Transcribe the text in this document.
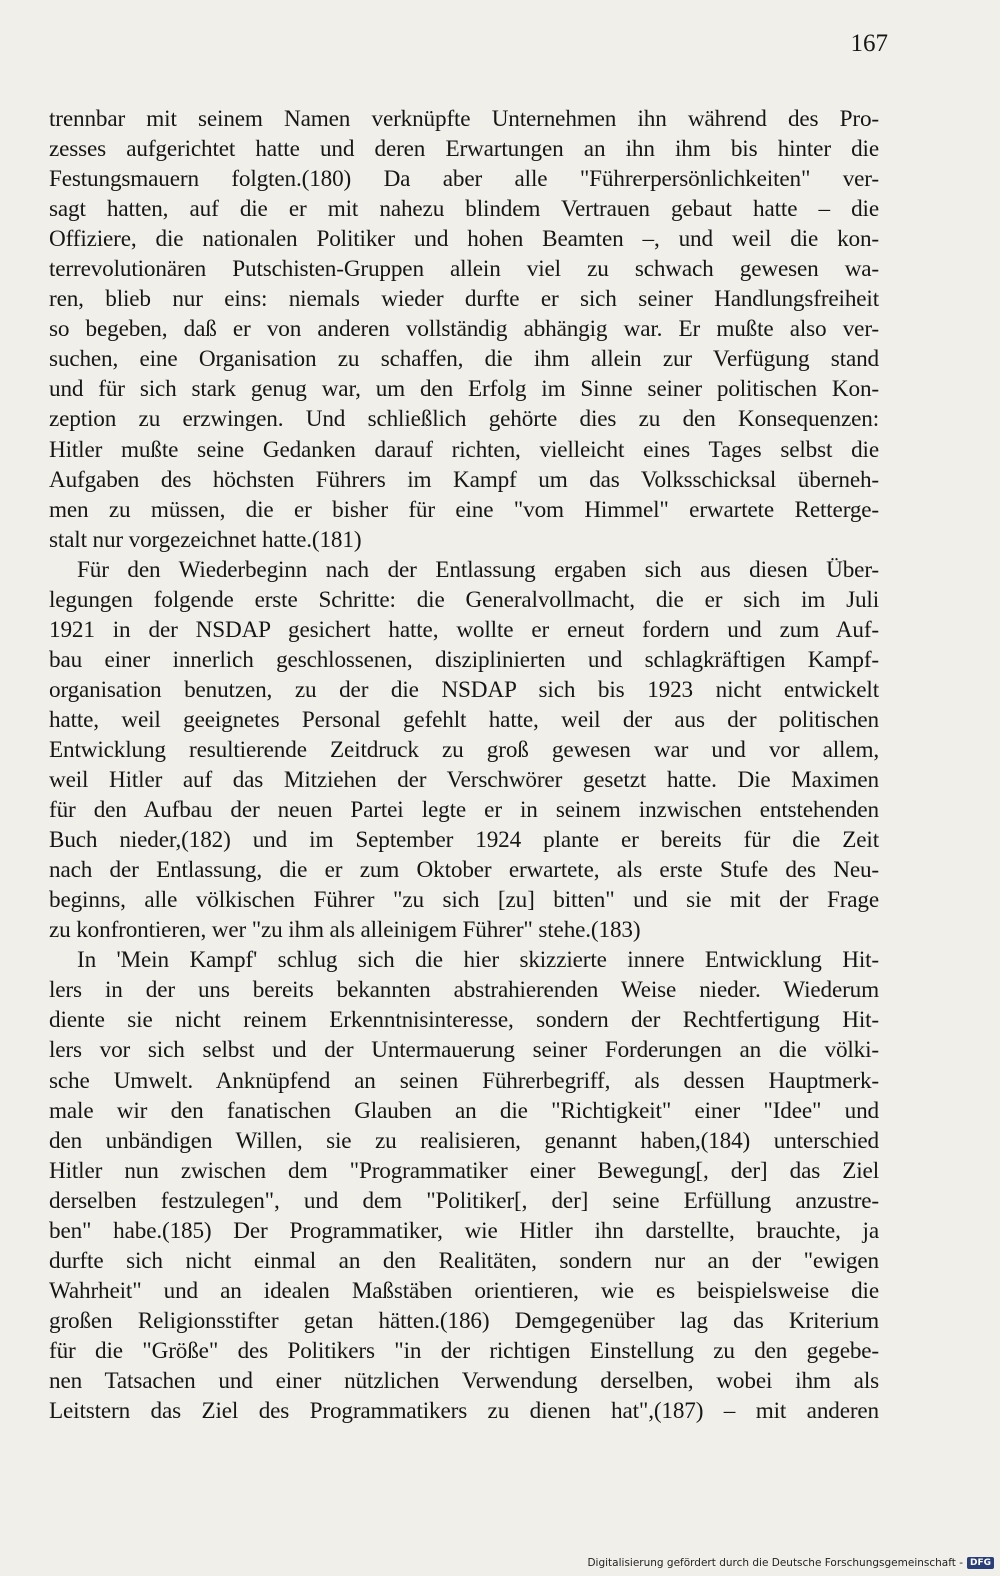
167
trennbar mit seinem Namen verknüpfte Unternehmen ihn während des Pro-
zesses aufgerichtet hatte und deren Erwartungen an ihn ihm bis hinter die
Festungsmauern folgten.(180) Da aber alle "Führerpersönlichkeiten" ver-
sagt hatten, auf die er mit nahezu blindem Vertrauen gebaut hatte – die
Offiziere, die nationalen Politiker und hohen Beamten –, und weil die kon-
terrevolutionären Putschisten-Gruppen allein viel zu schwach gewesen wa-
ren, blieb nur eins: niemals wieder durfte er sich seiner Handlungsfreiheit
so begeben, daß er von anderen vollständig abhängig war. Er mußte also ver-
suchen, eine Organisation zu schaffen, die ihm allein zur Verfügung stand
und für sich stark genug war, um den Erfolg im Sinne seiner politischen Kon-
zeption zu erzwingen. Und schließlich gehörte dies zu den Konsequenzen:
Hitler mußte seine Gedanken darauf richten, vielleicht eines Tages selbst die
Aufgaben des höchsten Führers im Kampf um das Volksschicksal überneh-
men zu müssen, die er bisher für eine "vom Himmel" erwartete Rettergе-
stalt nur vorgezeichnet hatte.(181)
Für den Wiederbeginn nach der Entlassung ergaben sich aus diesen Über-
legungen folgende erste Schritte: die Generalvollmacht, die er sich im Juli
1921 in der NSDAP gesichert hatte, wollte er erneut fordern und zum Auf-
bau einer innerlich geschlossenen, disziplinierten und schlagkräftigen Kampf-
organisation benutzen, zu der die NSDAP sich bis 1923 nicht entwickelt
hatte, weil geeignetes Personal gefehlt hatte, weil der aus der politischen
Entwicklung resultierende Zeitdruck zu groß gewesen war und vor allem,
weil Hitler auf das Mitziehen der Verschwörer gesetzt hatte. Die Maximen
für den Aufbau der neuen Partei legte er in seinem inzwischen entstehenden
Buch nieder,(182) und im September 1924 plante er bereits für die Zeit
nach der Entlassung, die er zum Oktober erwartete, als erste Stufe des Neu-
beginns, alle völkischen Führer "zu sich [zu] bitten" und sie mit der Frage
zu konfrontieren, wer "zu ihm als alleinigem Führer" stehe.(183)
In 'Mein Kampf' schlug sich die hier skizzierte innere Entwicklung Hit-
lers in der uns bereits bekannten abstrahierenden Weise nieder. Wiederum
diente sie nicht reinem Erkenntnisinteresse, sondern der Rechtfertigung Hit-
lers vor sich selbst und der Untermauerung seiner Forderungen an die völki-
sche Umwelt. Anknüpfend an seinen Führerbegriff, als dessen Hauptmerk-
male wir den fanatischen Glauben an die "Richtigkeit" einer "Idee" und
den unbändigen Willen, sie zu realisieren, genannt haben,(184) unterschied
Hitler nun zwischen dem "Programmatiker einer Bewegung[, der] das Ziel
derselben festzulegen", und dem "Politiker[, der] seine Erfüllung anzustre-
ben" habe.(185) Der Programmatiker, wie Hitler ihn darstellte, brauchte, ja
durfte sich nicht einmal an den Realitäten, sondern nur an der "ewigen
Wahrheit" und an idealen Maßstäben orientieren, wie es beispielsweise die
großen Religionsstifter getan hätten.(186) Demgegenüber lag das Kriterium
für die "Größe" des Politikers "in der richtigen Einstellung zu den gegebe-
nen Tatsachen und einer nützlichen Verwendung derselben, wobei ihm als
Leitstern das Ziel des Programmatikers zu dienen hat",(187) – mit anderen
Digitalisierung gefördert durch die Deutsche Forschungsgemeinschaft - DFG
